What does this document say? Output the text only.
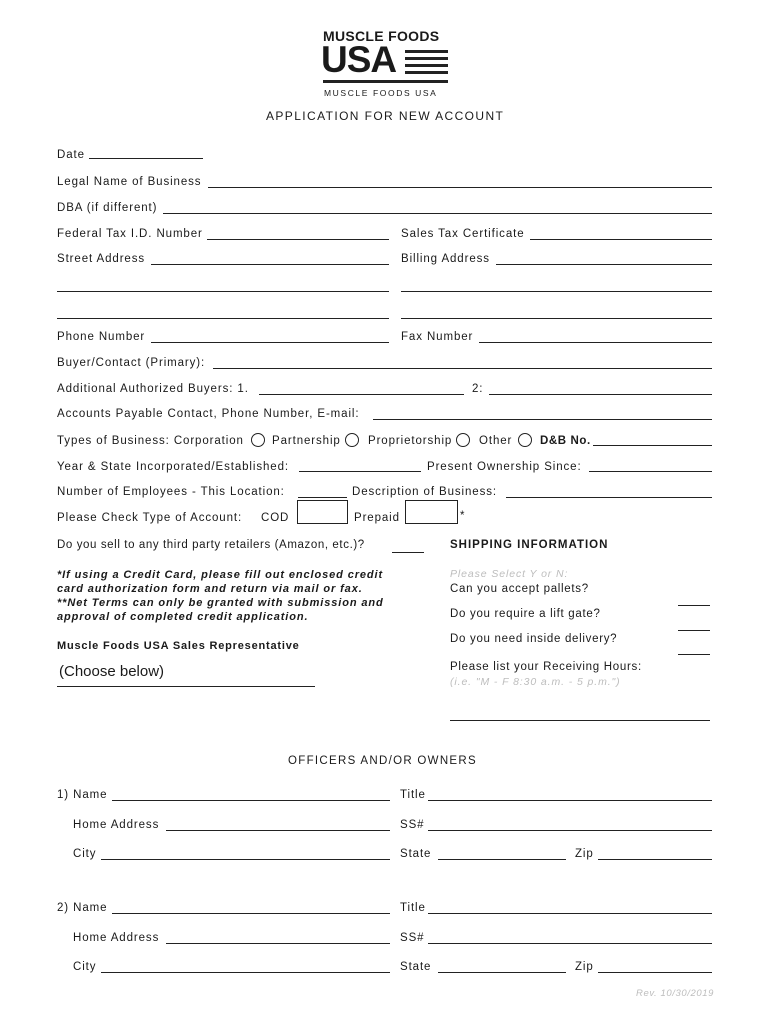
MUSCLE FOODS
USA
MUSCLE FOODS USA
APPLICATION FOR NEW ACCOUNT
Date
Legal Name of Business
DBA (if different)
Federal Tax I.D. Number	Sales Tax Certificate
Street Address	Billing Address
Phone Number	Fax Number
Buyer/Contact (Primary):
Additional Authorized Buyers: 1.	2:
Accounts Payable Contact, Phone Number, E-mail:
Types of Business: Corporation Partnership Proprietorship Other D&B No.
Year & State Incorporated/Established:	Present Ownership Since:
Number of Employees - This Location:	Description of Business:
Please Check Type of Account: COD	Prepaid	*
Do you sell to any third party retailers (Amazon, etc.)?
*If using a Credit Card, please fill out enclosed credit
card authorization form and return via mail or fax.
**Net Terms can only be granted with submission and
approval of completed credit application.
Muscle Foods USA Sales Representative
(Choose below)
SHIPPING INFORMATION
Please Select Y or N:
Can you accept pallets?
Do you require a lift gate?
Do you need inside delivery?
Please list your Receiving Hours:
(i.e. "M - F 8:30 a.m. - 5 p.m.")
OFFICERS AND/OR OWNERS
1) Name	Title
Home Address	SS#
City	State	Zip
2) Name	Title
Home Address	SS#
City	State	Zip
Rev. 10/30/2019
